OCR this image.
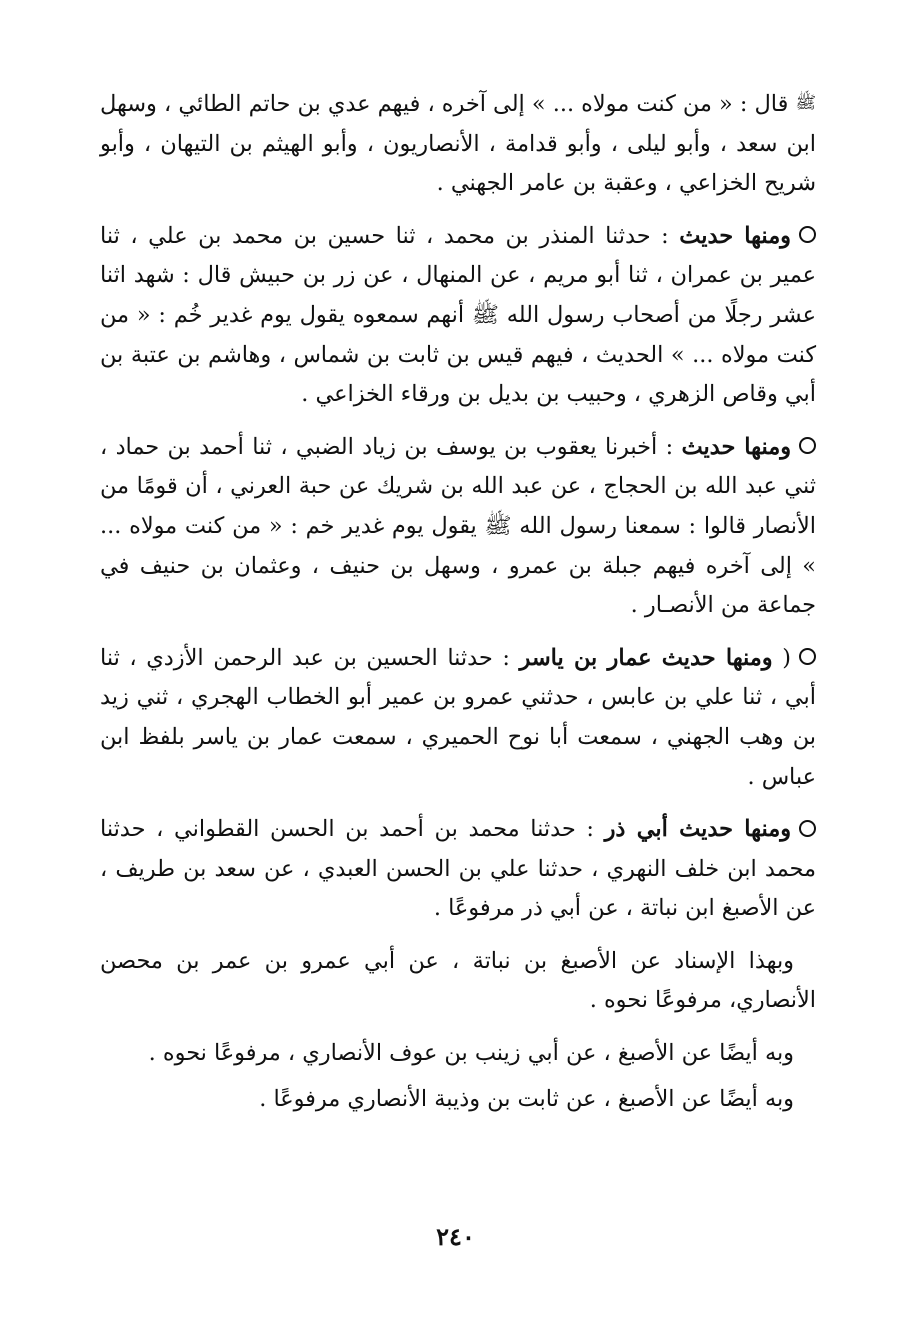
ﷺ قال : « من كنت مولاه ... » إلى آخره ، فيهم عدي بن حاتم الطائي ، وسهل ابن سعد ، وأبو ليلى ، وأبو قدامة ، الأنصاريون ، وأبو الهيثم بن التيهان ، وأبو شريح الخزاعي ، وعقبة بن عامر الجهني .

ومنها حديث : حدثنا المنذر بن محمد ، ثنا حسين بن محمد بن علي ، ثنا عمير بن عمران ، ثنا أبو مريم ، عن المنهال ، عن زر بن حبيش قال : شهد اثنا عشر رجلًا من أصحاب رسول الله ﷺ أنهم سمعوه يقول يوم غدير خُم : « من كنت مولاه ... » الحديث ، فيهم قيس بن ثابت بن شماس ، وهاشم بن عتبة بن أبي وقاص الزهري ، وحبيب بن بديل بن ورقاء الخزاعي .

ومنها حديث : أخبرنا يعقوب بن يوسف بن زياد الضبي ، ثنا أحمد بن حماد ، ثني عبد الله بن الحجاج ، عن عبد الله بن شريك عن حبة العرني ، أن قومًا من الأنصار قالوا : سمعنا رسول الله ﷺ يقول يوم غدير خم : « من كنت مولاه ... » إلى آخره فيهم جبلة بن عمرو ، وسهل بن حنيف ، وعثمان بن حنيف في جماعة من الأنصـار .

( ومنها حديث عمار بن ياسر : حدثنا الحسين بن عبد الرحمن الأزدي ، ثنا أبي ، ثنا علي بن عابس ، حدثني عمرو بن عمير أبو الخطاب الهجري ، ثني زيد بن وهب الجهني ، سمعت أبا نوح الحميري ، سمعت عمار بن ياسر بلفظ ابن عباس .

ومنها حديث أبي ذر : حدثنا محمد بن أحمد بن الحسن القطواني ، حدثنا محمد ابن خلف النهري ، حدثنا علي بن الحسن العبدي ، عن سعد بن طريف ، عن الأصبغ ابن نباتة ، عن أبي ذر مرفوعًا .

وبهذا الإسناد عن الأصبغ بن نباتة ، عن أبي عمرو بن عمر بن محصن الأنصاري، مرفوعًا نحوه .

وبه أيضًا عن الأصبغ ، عن أبي زينب بن عوف الأنصاري ، مرفوعًا نحوه .

وبه أيضًا عن الأصبغ ، عن ثابت بن وذيبة الأنصاري مرفوعًا .

٢٤٠
